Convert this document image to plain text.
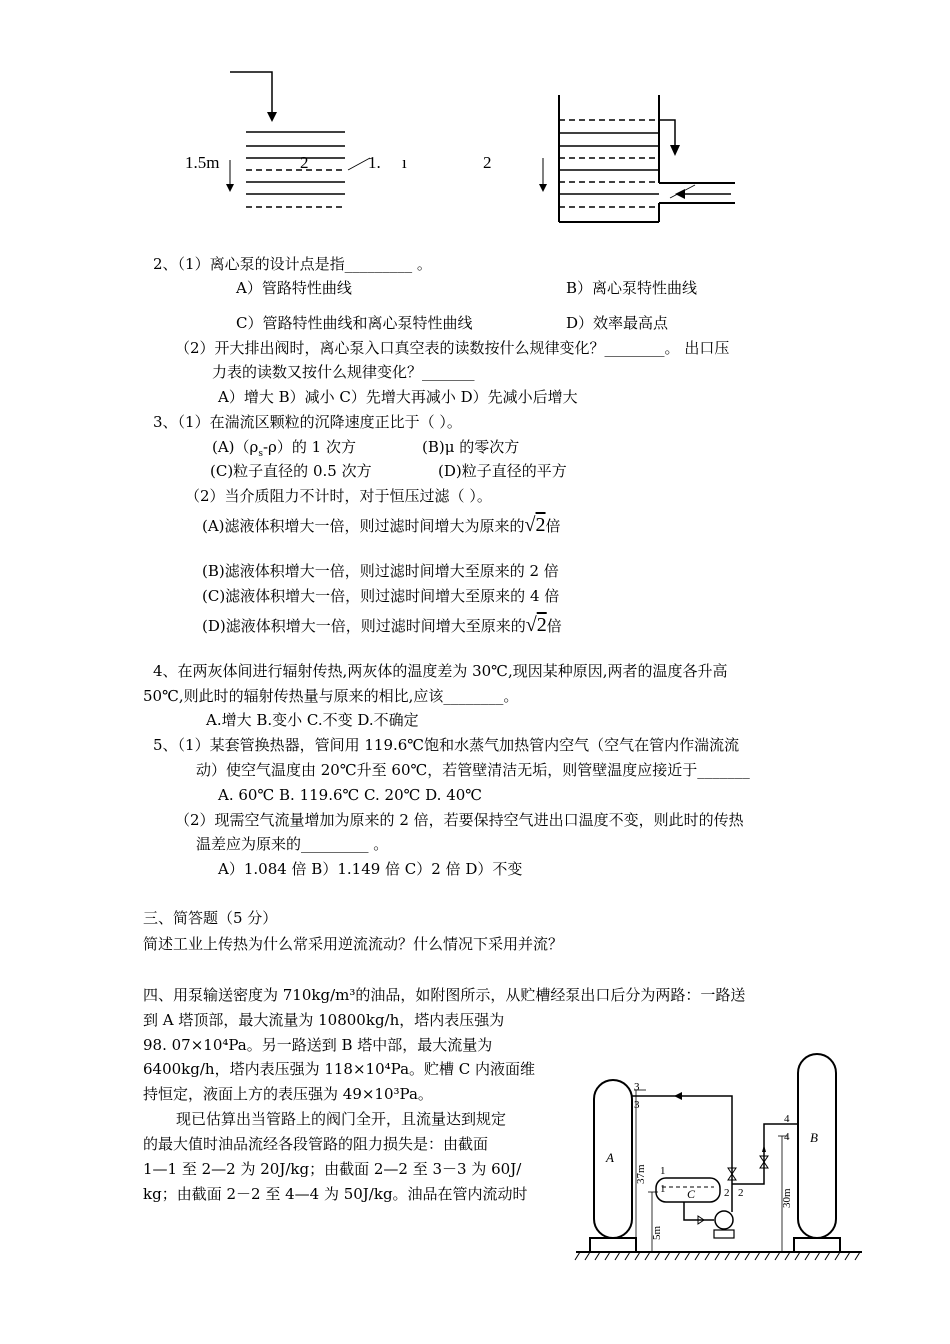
1.5m	2	1. ı	2
2、（1）离心泵的设计点是指_________ 。
A）管路特性曲线	B）离心泵特性曲线
C）管路特性曲线和离心泵特性曲线	D）效率最高点
（2）开大排出阀时，离心泵入口真空表的读数按什么规律变化？________。 出口压
力表的读数又按什么规律变化？_______
A）增大 B）减小 C）先增大再减小 D）先减小后增大
3、（1）在湍流区颗粒的沉降速度正比于（ ）。
$(A)(\rho_s-\rho)$的 1 次方	(B)μ 的零次方
(C)粒子直径的 0.5 次方	(D)粒子直径的平方
（2）当介质阻力不计时，对于恒压过滤（ ）。
(A)滤液体积增大一倍，则过滤时间增大为原来的√2倍
(B)滤液体积增大一倍，则过滤时间增大至原来的 2 倍
(C)滤液体积增大一倍，则过滤时间增大至原来的 4 倍
(D)滤液体积增大一倍，则过滤时间增大至原来的√2倍
4、在两灰体间进行辐射传热,两灰体的温度差为 30℃,现因某种原因,两者的温度各升高
50℃,则此时的辐射传热量与原来的相比,应该________。
A.增大 B.变小 C.不变 D.不确定
5、（1）某套管换热器，管间用 119.6℃饱和水蒸气加热管内空气（空气在管内作湍流流
动）使空气温度由 20℃升至 60℃，若管壁清洁无垢，则管壁温度应接近于_______
A. 60℃ B. 119.6℃ C. 20℃ D. 40℃
（2）现需空气流量增加为原来的 2 倍，若要保持空气进出口温度不变，则此时的传热
温差应为原来的_________ 。
A）1.084 倍 B）1.149 倍 C）2 倍 D）不变
三、简答题（5 分）
简述工业上传热为什么常采用逆流流动？什么情况下采用并流？
四、用泵输送密度为 710kg/m³的油品，如附图所示，从贮槽经泵出口后分为两路：一路送
到 A 塔顶部，最大流量为 10800kg/h，塔内表压强为
98. 07×10⁴Pa。另一路送到 B 塔中部，最大流量为
6400kg/h，塔内表压强为 118×10⁴Pa。贮槽 C 内液面维
持恒定，液面上方的表压强为 49×10³Pa。
现已估算出当管路上的阀门全开，且流量达到规定
的最大值时油品流经各段管路的阻力损失是：由截面
1—1 至 2—2 为 20J/kg；由截面 2—2 至 3－3 为 60J/
kg；由截面 2－2 至 4—4 为 50J/kg。油品在管内流动时
A
B
C
37m
5m
30m
3
3
4
4
1
1	2 2
